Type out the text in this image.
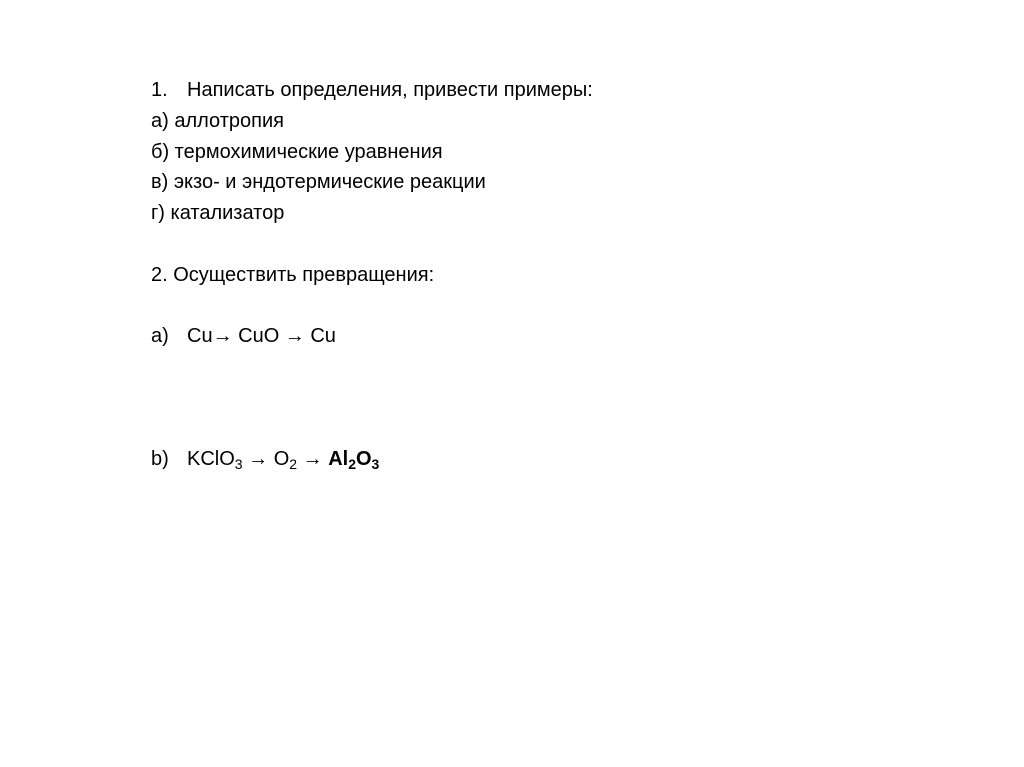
1. Написать определения, привести примеры:
а) аллотропия
б) термохимические уравнения
в) экзо- и эндотермические реакции
г) катализатор
2. Осуществить превращения:
а) Cu→ CuO → Cu
b) KClO$_3$ → $O_2 \to Al_2O_3$
